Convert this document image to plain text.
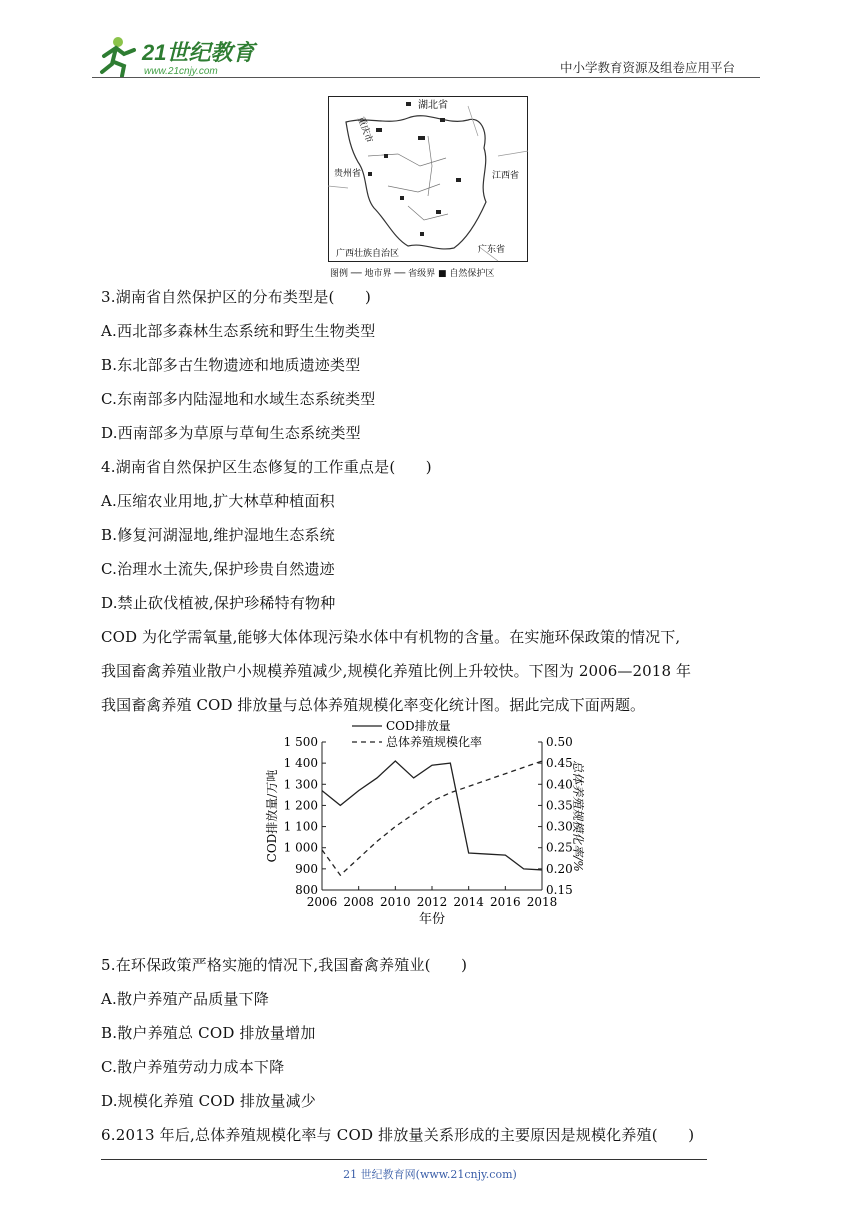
21世纪教育
www.21cnjy.com	中小学教育资源及组卷应用平台
湖北省
重庆市
贵州省	江西省
广西壮族自治区	广东省
图例 ── 地市界 ── 省级界 ■ 自然保护区
3.湖南省自然保护区的分布类型是(　　)
A.西北部多森林生态系统和野生生物类型
B.东北部多古生物遗迹和地质遗迹类型
C.东南部多内陆湿地和水域生态系统类型
D.西南部多为草原与草甸生态系统类型
4.湖南省自然保护区生态修复的工作重点是(　　)
A.压缩农业用地,扩大林草种植面积
B.修复河湖湿地,维护湿地生态系统
C.治理水土流失,保护珍贵自然遗迹
D.禁止砍伐植被,保护珍稀特有物种
COD 为化学需氧量,能够大体体现污染水体中有机物的含量。在实施环保政策的情况下,
我国畜禽养殖业散户小规模养殖减少,规模化养殖比例上升较快。下图为 2006—2018 年
我国畜禽养殖 COD 排放量与总体养殖规模化率变化统计图。据此完成下面两题。
800
900
1 000
1 100
1 200
1 300
1 400
1 500
0.15
0.20
0.25
0.30
0.35
0.40
0.45
0.50
2006 2008 2010 2012 2014 2016 2018
年份
COD排放量/万吨	总体养殖规模化率/%
COD排放量
总体养殖规模化率
5.在环保政策严格实施的情况下,我国畜禽养殖业(　　)
A.散户养殖产品质量下降
B.散户养殖总 COD 排放量增加
C.散户养殖劳动力成本下降
D.规模化养殖 COD 排放量减少
6.2013 年后,总体养殖规模化率与 COD 排放量关系形成的主要原因是规模化养殖(　　)
21 世纪教育网(www.21cnjy.com)
